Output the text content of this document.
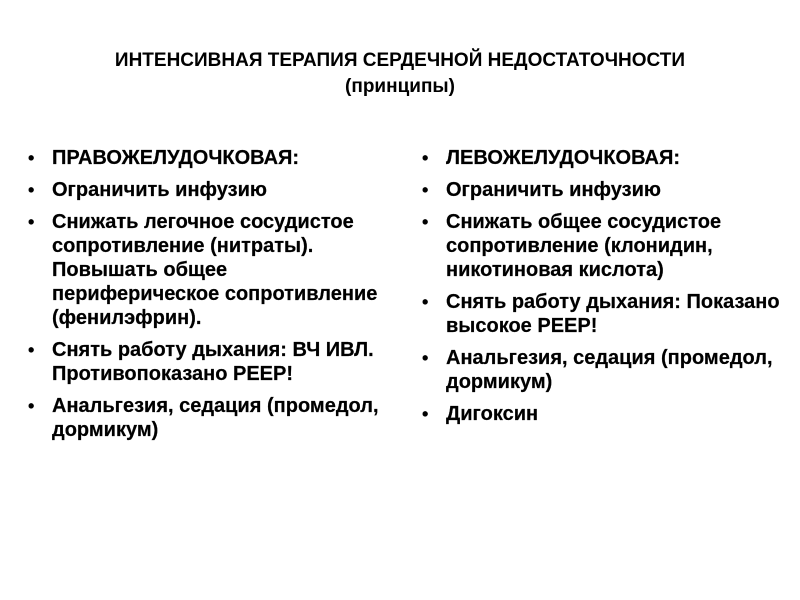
ИНТЕНСИВНАЯ ТЕРАПИЯ СЕРДЕЧНОЙ НЕДОСТАТОЧНОСТИ
(принципы)
• ПРАВОЖЕЛУДОЧКОВАЯ:
• Ограничить инфузию
• Снижать легочное сосудистое сопротивление (нитраты). Повышать общее периферическое сопротивление (фенилэфрин).
• Снять работу дыхания: ВЧ ИВЛ. Противопоказано PEEP!
• Анальгезия, седация (промедол, дормикум)
• ЛЕВОЖЕЛУДОЧКОВАЯ:
• Ограничить инфузию
• Снижать общее сосудистое сопротивление (клонидин, никотиновая кислота)
• Снять работу дыхания: Показано высокое PEEP!
• Анальгезия, седация (промедол, дормикум)
• Дигоксин
